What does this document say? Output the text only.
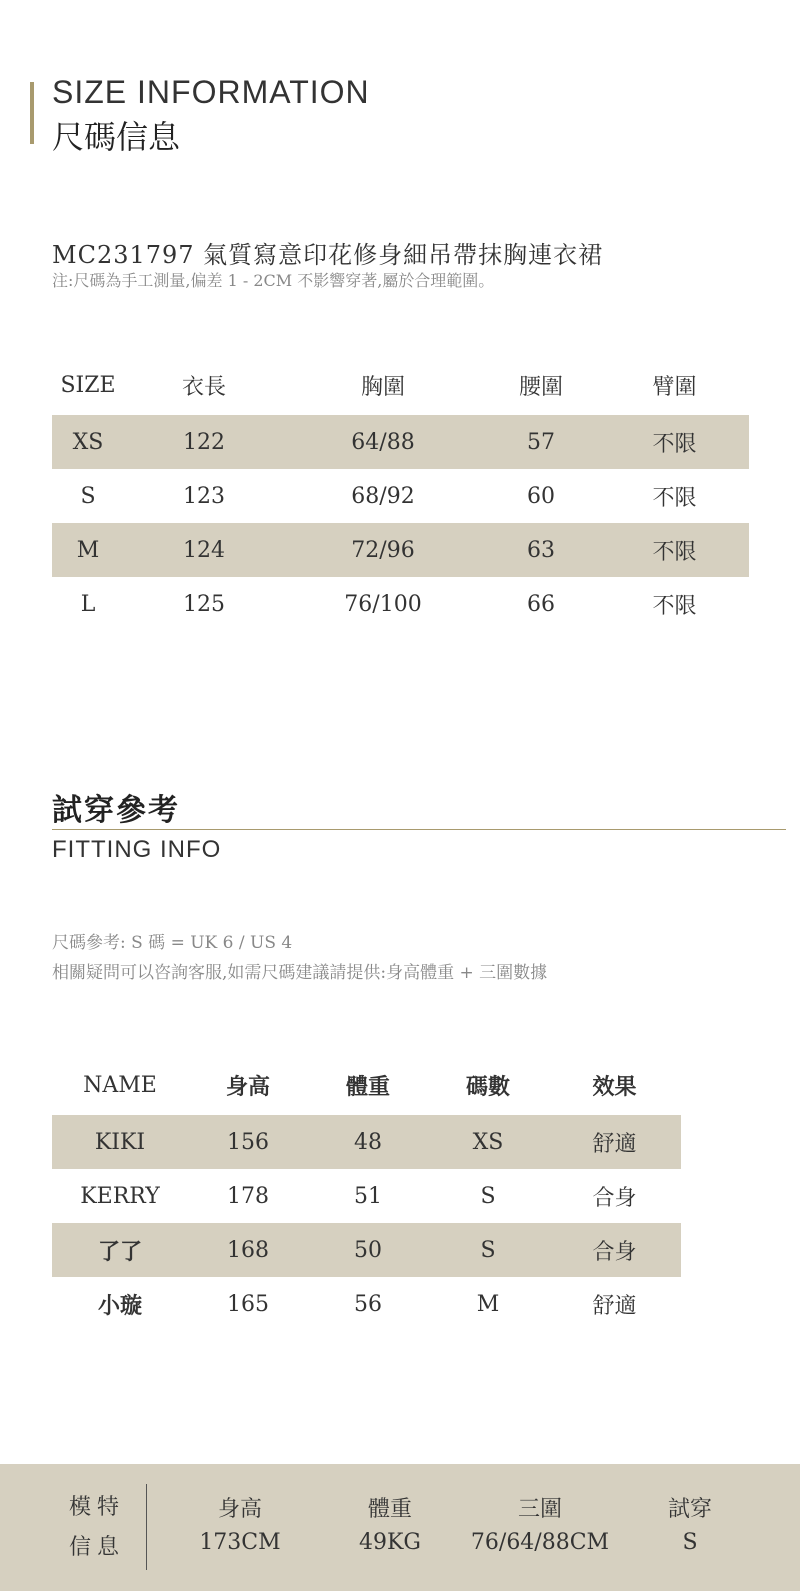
SIZE INFORMATION
尺碼信息
MC231797 氣質寫意印花修身細吊帶抹胸連衣裙
注:尺碼為手工測量,偏差 1 - 2CM 不影響穿著,屬於合理範圍。
SIZE	衣長	胸圍	腰圍	臂圍
XS	122	64/88	57	不限
S	123	68/92	60	不限
M	124	72/96	63	不限
L	125	76/100	66	不限
試穿參考
FITTING INFO
尺碼參考: S 碼 = UK 6 / US 4
相關疑問可以咨詢客服,如需尺碼建議請提供:身高體重 + 三圍數據
NAME	身高	體重	碼數	效果
KIKI	156	48	XS	舒適
KERRY	178	51	S	合身
了了	168	50	S	合身
小璇	165	56	M	舒適
模特
信息
身高
173CM
體重
49KG
三圍
76/64/88CM
試穿
S
